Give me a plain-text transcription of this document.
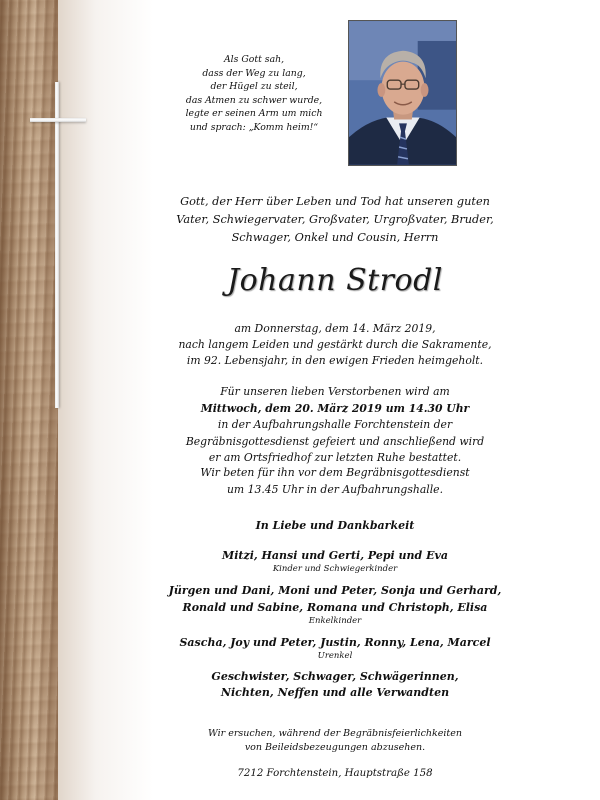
Als Gott sah,
dass der Weg zu lang,
der Hügel zu steil,
das Atmen zu schwer wurde,
legte er seinen Arm um mich
und sprach: „Komm heim!“
Gott, der Herr über Leben und Tod hat unseren guten
Vater, Schwiegervater, Großvater, Urgroßvater, Bruder,
Schwager, Onkel und Cousin, Herrn
Johann Strodl
am Donnerstag, dem 14. März 2019,
nach langem Leiden und gestärkt durch die Sakramente,
im 92. Lebensjahr, in den ewigen Frieden heimgeholt.
Für unseren lieben Verstorbenen wird am
Mittwoch, dem 20. März 2019 um 14.30 Uhr
in der Aufbahrungshalle Forchtenstein der
Begräbnisgottesdienst gefeiert und anschließend wird
er am Ortsfriedhof zur letzten Ruhe bestattet.
Wir beten für ihn vor dem Begräbnisgottesdienst
um 13.45 Uhr in der Aufbahrungshalle.
In Liebe und Dankbarkeit
Mitzi, Hansi und Gerti, Pepi und Eva
Kinder und Schwiegerkinder
Jürgen und Dani, Moni und Peter, Sonja und Gerhard,
Ronald und Sabine, Romana und Christoph, Elisa
Enkelkinder
Sascha, Joy und Peter, Justin, Ronny, Lena, Marcel
Urenkel
Geschwister, Schwager, Schwägerinnen,
Nichten, Neffen und alle Verwandten
Wir ersuchen, während der Begräbnisfeierlichkeiten
von Beileidsbezeugungen abzusehen.
7212 Forchtenstein, Hauptstraße 158
